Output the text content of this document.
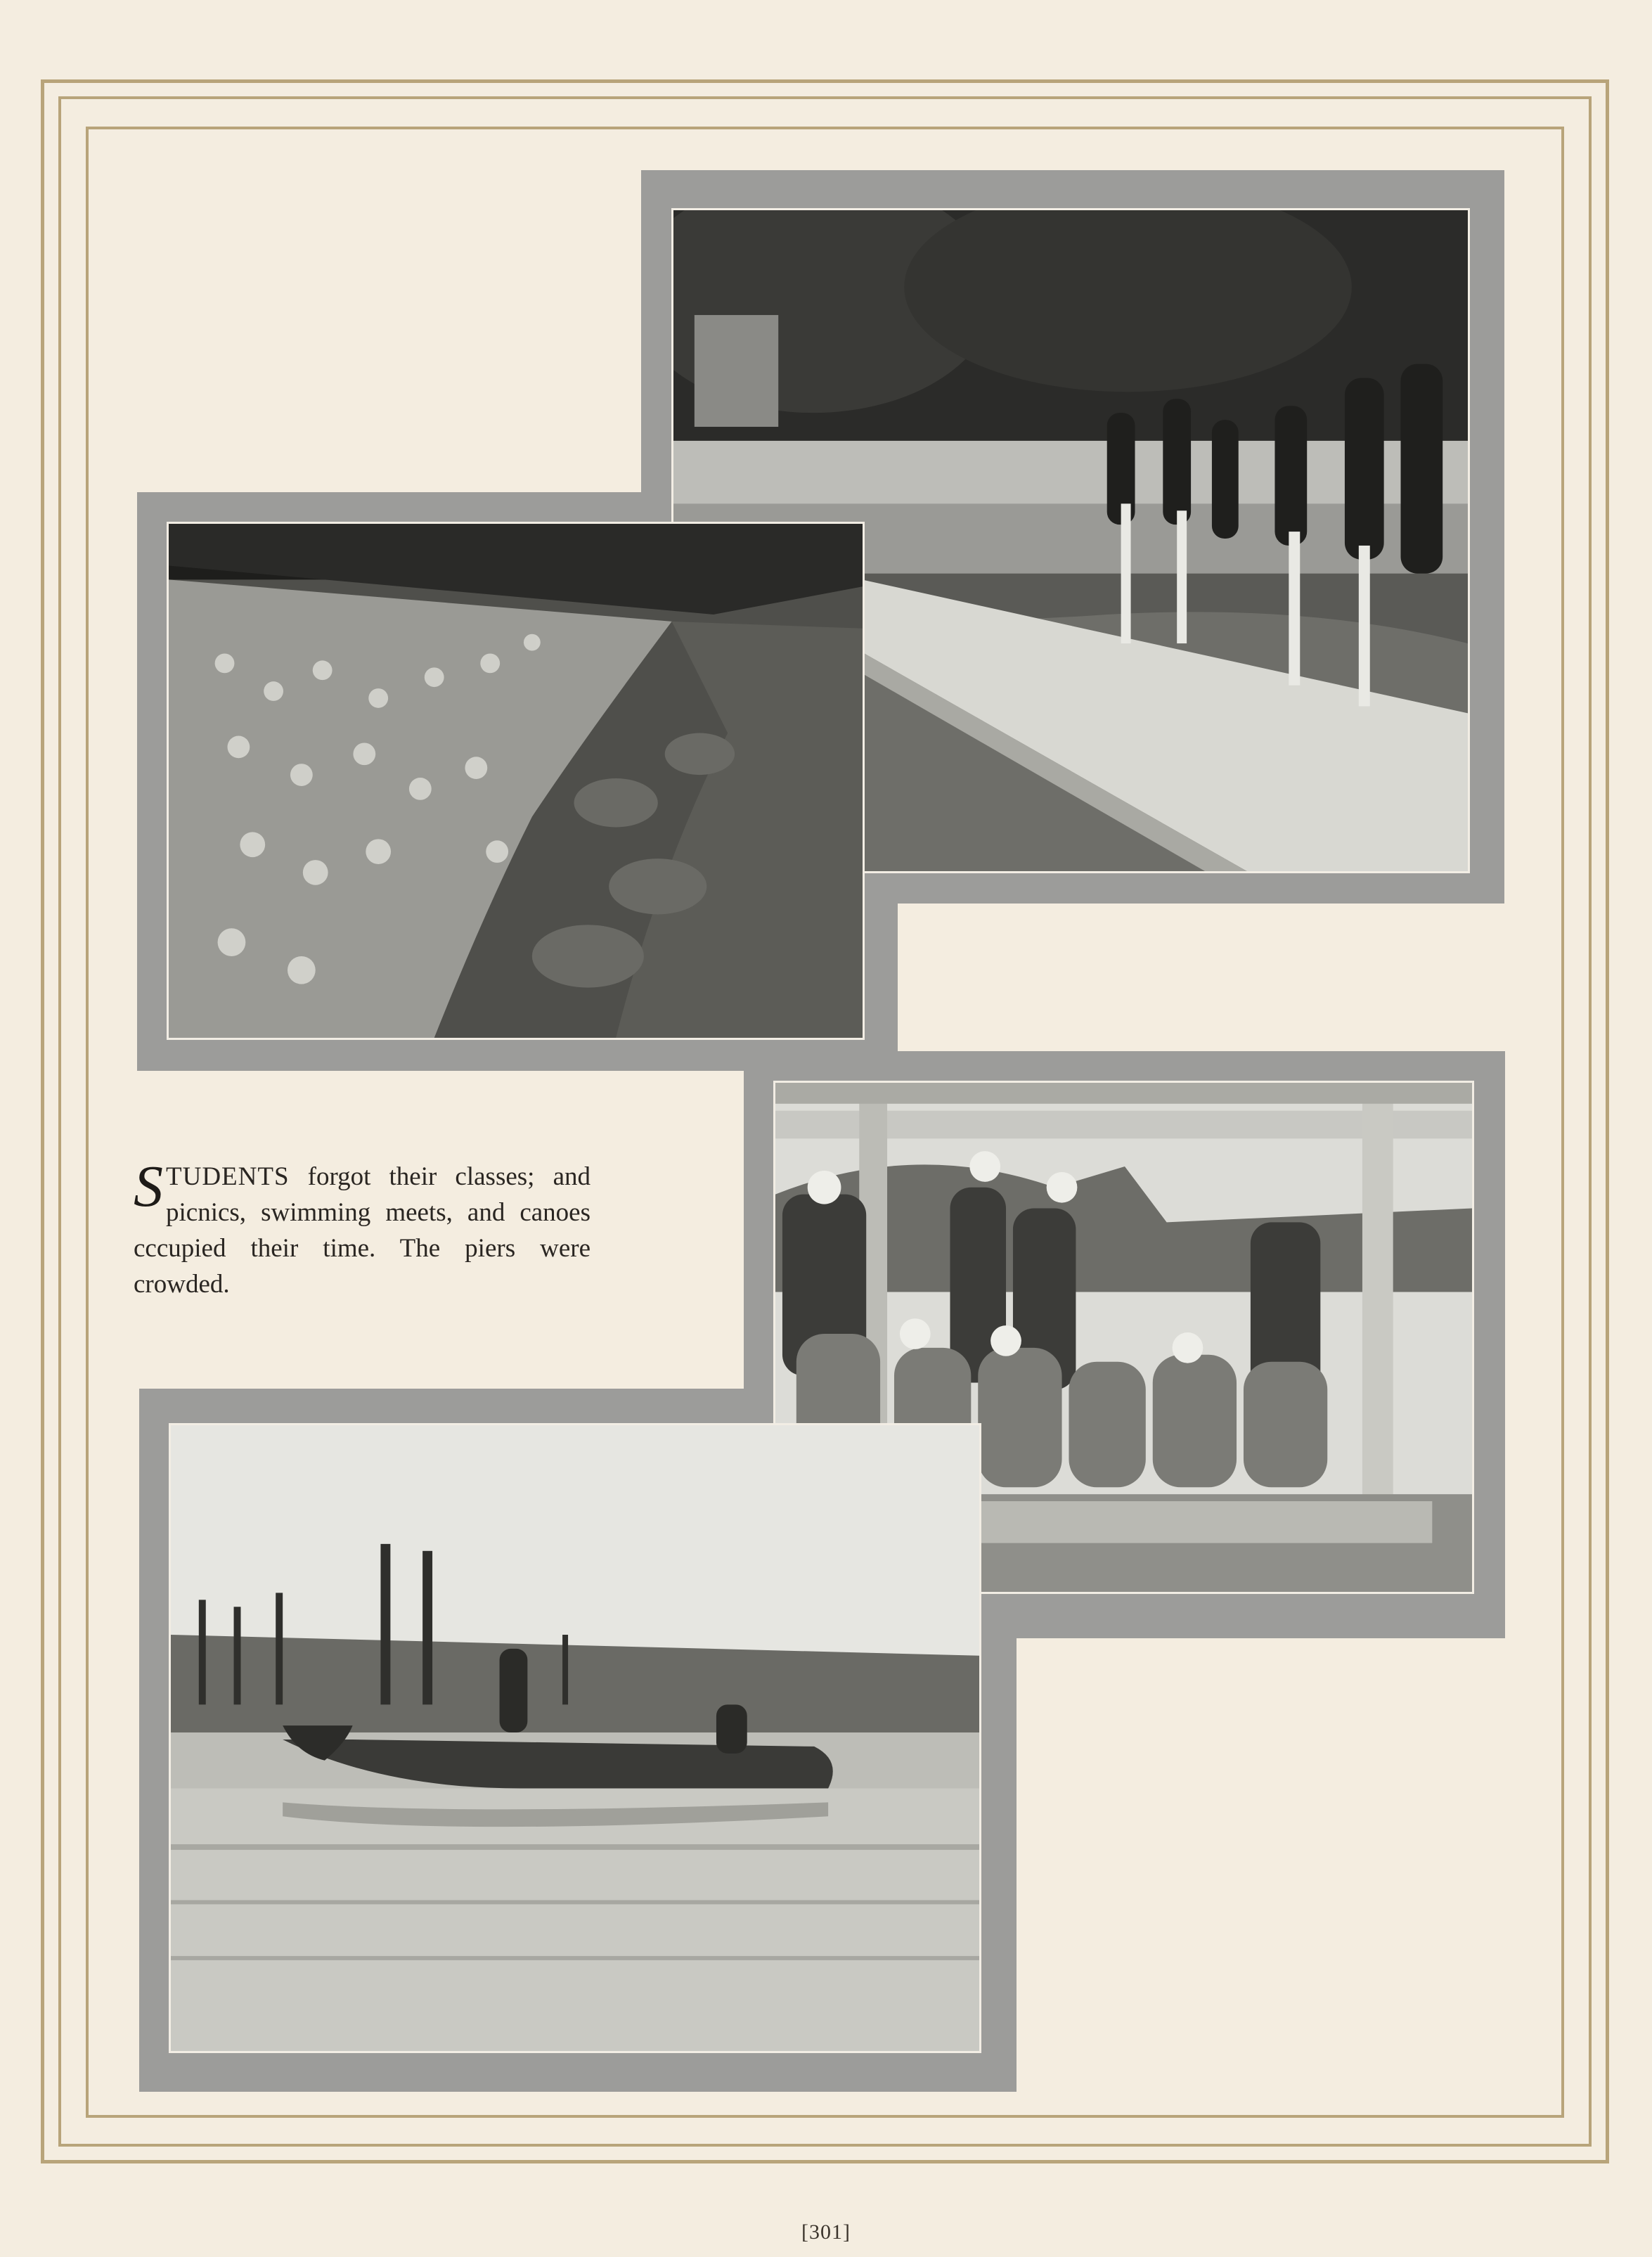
STUDENTS forgot their classes; and picnics, swimming meets, and canoes cccupied their time. The piers were crowded.
[301]
